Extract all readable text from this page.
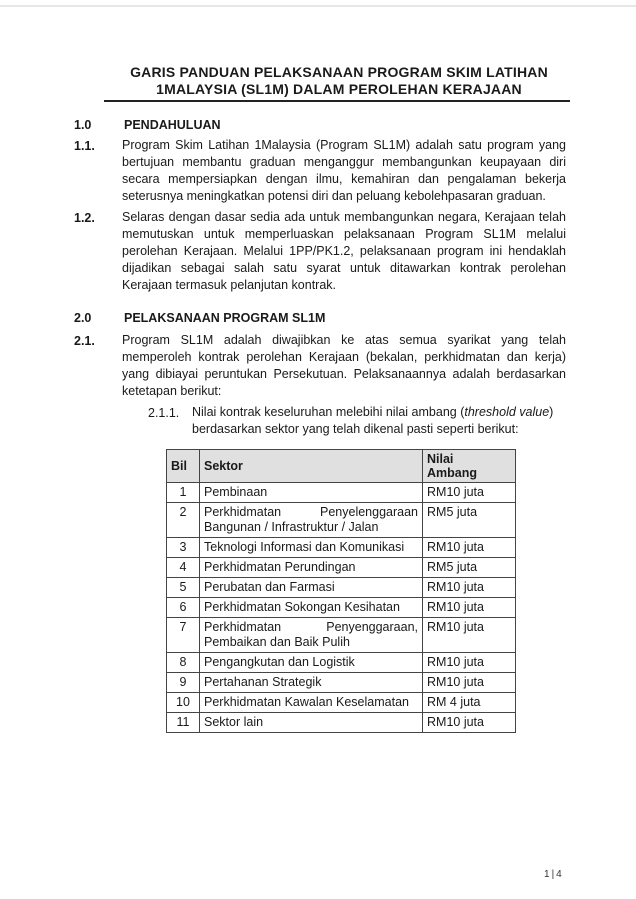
GARIS PANDUAN PELAKSANAAN PROGRAM SKIM LATIHAN
1MALAYSIA (SL1M) DALAM PEROLEHAN KERAJAAN
1.0	PENDAHULUAN
1.1. Program Skim Latihan 1Malaysia (Program SL1M) adalah satu program yang bertujuan membantu graduan menganggur membangunkan keupayaan diri secara mempersiapkan dengan ilmu, kemahiran dan pengalaman bekerja seterusnya meningkatkan potensi diri dan peluang kebolehpasaran graduan.
1.2. Selaras dengan dasar sedia ada untuk membangunkan negara, Kerajaan telah memutuskan untuk memperluaskan pelaksanaan Program SL1M melalui perolehan Kerajaan. Melalui 1PP/PK1.2, pelaksanaan program ini hendaklah dijadikan sebagai salah satu syarat untuk ditawarkan kontrak perolehan Kerajaan termasuk pelanjutan kontrak.
2.0	PELAKSANAAN PROGRAM SL1M
2.1. Program SL1M adalah diwajibkan ke atas semua syarikat yang telah memperoleh kontrak perolehan Kerajaan (bekalan, perkhidmatan dan kerja) yang dibiayai peruntukan Persekutuan. Pelaksanaannya adalah berdasarkan ketetapan berikut:
2.1.1. Nilai kontrak keseluruhan melebihi nilai ambang (threshold value) berdasarkan sektor yang telah dikenal pasti seperti berikut:
Bil	Sektor	Nilai
Ambang

1	Pembinaan	RM10 juta
2	Perkhidmatan Penyelenggaraan
Bangunan / Infrastruktur / Jalan	RM5 juta
3	Teknologi Informasi dan Komunikasi	RM10 juta
4	Perkhidmatan Perundingan	RM5 juta
5	Perubatan dan Farmasi	RM10 juta
6	Perkhidmatan Sokongan Kesihatan	RM10 juta
7	Perkhidmatan Penyenggaraan,
Pembaikan dan Baik Pulih	RM10 juta
8	Pengangkutan dan Logistik	RM10 juta
9	Pertahanan Strategik	RM10 juta
10	Perkhidmatan Kawalan Keselamatan	RM 4 juta
11	Sektor lain	RM10 juta
1 | 4
